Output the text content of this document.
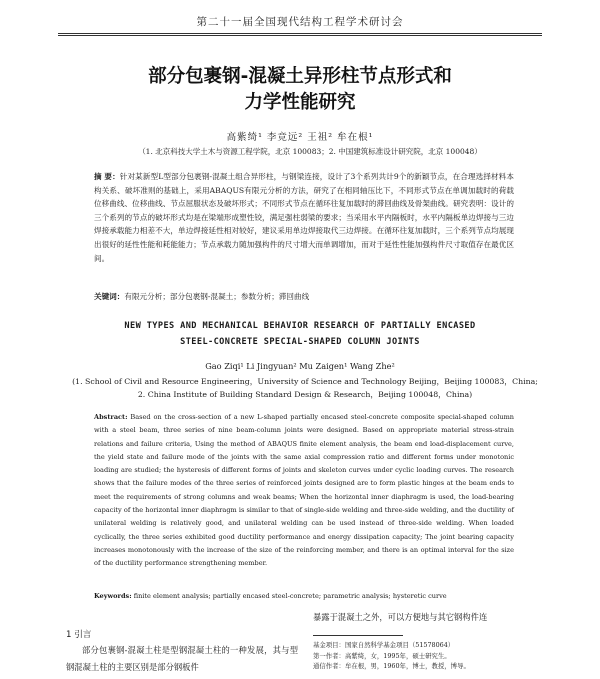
第二十一届全国现代结构工程学术研讨会
部分包裹钢-混凝土异形柱节点形式和
力学性能研究
高紫绮¹ 李竞远² 王祖² 牟在根¹
（1. 北京科技大学土木与资源工程学院，北京 100083；2. 中国建筑标准设计研究院，北京 100048）
摘 要：针对某新型L型部分包裹钢-混凝土组合异形柱，与钢梁连接，设计了3个系列共计9个的新颖节点，在合理选择材料本构关系、破坏准则的基础上，采用ABAQUS有限元分析的方法，研究了在相同轴压比下，不同形式节点在单调加载时的荷载位移曲线、位移曲线、节点屈服状态及破坏形式；不同形式节点在循环往复加载时的滞回曲线及骨架曲线。研究表明：设计的三个系列的节点的破坏形式均是在梁端形成塑性铰，满足强柱弱梁的要求；当采用水平内隔板时，水平内隔板单边焊接与三边焊接承载能力相差不大，单边焊接延性相对较好，建议采用单边焊接取代三边焊接。在循环往复加载时，三个系列节点均展现出很好的延性性能和耗能能力；节点承载力随加强构件的尺寸增大而单调增加，而对于延性性能加强构件尺寸取值存在最优区间。
关键词：有限元分析；部分包裹钢-混凝土；参数分析；滞回曲线
NEW TYPES AND MECHANICAL BEHAVIOR RESEARCH OF PARTIALLY ENCASED
STEEL-CONCRETE SPECIAL-SHAPED COLUMN JOINTS
Gao Ziqi¹ Li Jingyuan² Mu Zaigen¹ Wang Zhe²
(1. School of Civil and Resource Engineering，University of Science and Technology Beijing，Beijing 100083，China;
2. China Institute of Building Standard Design & Research，Beijing 100048，China)
Abstract: Based on the cross-section of a new L-shaped partially encased steel-concrete composite special-shaped column with a steel beam, three series of nine beam-column joints were designed. Based on appropriate material stress-strain relations and failure criteria, Using the method of ABAQUS finite element analysis, the beam end load-displacement curve, the yield state and failure mode of the joints with the same axial compression ratio and different forms under monotonic loading are studied; the hysteresis of different forms of joints and skeleton curves under cyclic loading curves. The research shows that the failure modes of the three series of reinforced joints designed are to form plastic hinges at the beam ends to meet the requirements of strong columns and weak beams; When the horizontal inner diaphragm is used, the load-bearing capacity of the horizontal inner diaphragm is similar to that of single-side welding and three-side welding, and the ductility of unilateral welding is relatively good, and unilateral welding can be used instead of three-side welding. When loaded cyclically, the three series exhibited good ductility performance and energy dissipation capacity; The joint bearing capacity increases monotonously with the increase of the size of the reinforcing member, and there is an optimal interval for the size of the ductility performance strengthening member.
Keywords: finite element analysis; partially encased steel-concrete; parametric analysis; hysteretic curve
1 引言
部分包裹钢-混凝土柱是型钢混凝土柱的一种发展，其与型钢混凝土柱的主要区别是部分钢板件
暴露于混凝土之外，可以方便地与其它钢构件连
基金项目：国家自然科学基金项目（51578064）
第一作者：高紫绮，女，1995年，硕士研究生。
通信作者：牟在根，男，1960年，博士，教授，博导。
